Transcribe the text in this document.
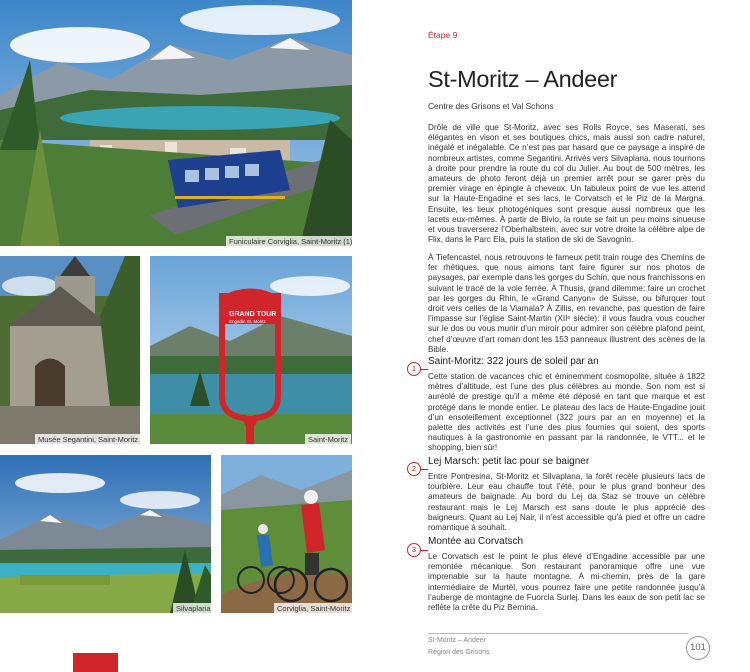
Funiculaire Corviglia, Saint-Moritz (1)
Musée Segantini, Saint-Moritz
GRAND TOUR
Engadin St. Moritz
Saint-Moritz
Silvaplana	Corviglia, Saint-Moritz
Étape 9
St-Moritz – Andeer
Centre des Grisons et Val Schons

Drôle de ville que St-Moritz, avec ses Rolls Royce, ses Maserati, ses élégantes en vison et ses boutiques chics, mais aussi son cadre naturel, inégalé et inégalable. Ce n’est pas par hasard que ce paysage a inspiré de nombreux artistes, comme Segantini. Arrivés vers Silvaplana, nous tournons à droite pour prendre la route du col du Julier. Au bout de 500 mètres, les amateurs de photo feront déjà un premier arrêt pour se garer près du premier virage en épingle à cheveux. Un fabuleux point de vue les attend sur la Haute-Engadine et ses lacs, le Corvatsch et le Piz de la Margna. Ensuite, les lieux photogéniques sont presque aussi nombreux que les lacets eux-mêmes. À partir de Bivio, la route se fait un peu moins sinueuse et vous traverserez l’Oberhalbstein, avec sur votre droite la célèbre alpe de Flix, dans le Parc Ela, puis la station de ski de Savognin.

À Tiefencastel, nous retrouvons le fameux petit train rouge des Chemins de fer rhétiques, que nous aimons tant faire figurer sur nos photos de paysages, par exemple dans les gorges du Schin, que nous franchissons en suivant le tracé de la voie ferrée. À Thusis, grand dilemme: faire un crochet par les gorges du Rhin, le «Grand Canyon» de Suisse, ou bifurquer tout droit vers celles de la Viamala? À Zillis, en revanche, pas question de faire l’impasse sur l’église Saint-Martin (XIIᵉ siècle): il vous faudra vous coucher sur le dos ou vous munir d’un miroir pour admirer son célèbre plafond peint, chef d’œuvre d’art roman dont les 153 panneaux illustrent des scènes de la Bible.

1
Saint-Moritz: 322 jours de soleil par an

Cette station de vacances chic et éminemment cosmopolite, située à 1822 mètres d’altitude, est l’une des plus célèbres au monde. Son nom est si auréolé de prestige qu’il a même été déposé en tant que marque et est protégé dans le monde entier. Le plateau des lacs de Haute-Engadine jouit d’un ensoleillement exceptionnel (322 jours par an en moyenne) et la palette des activités est l’une des plus fournies qui soient, des sports nautiques à la gastronomie en passant par la randonnée, le VTT... et le shopping, bien sûr!

2
Lej Marsch: petit lac pour se baigner

Entre Pontresina, St-Moritz et Silvaplana, la forêt recèle plusieurs lacs de tourbière. Leur eau chauffe tout l’été, pour le plus grand bonheur des amateurs de baignade. Au bord du Lej da Staz se trouve un célèbre restaurant mais le Lej Marsch est sans doute le plus apprécié des baigneurs. Quant au Lej Nair, il n’est accessible qu’à pied et offre un cadre romantique à souhait.

3
Montée au Corvatsch

Le Corvatsch est le point le plus élevé d’Engadine accessible par une remontée mécanique. Son restaurant panoramique offre une vue imprenable sur la haute montagne. À mi-chemin, près de la gare intermédiaire de Murtèl, vous pourrez faire une petite randonnée jusqu’à l’auberge de montagne de Fuorcla Surlej. Dans les eaux de son petit lac se reflète la crête du Piz Bernina.

St-Moritz – Andeer
Région des Grisons	101
